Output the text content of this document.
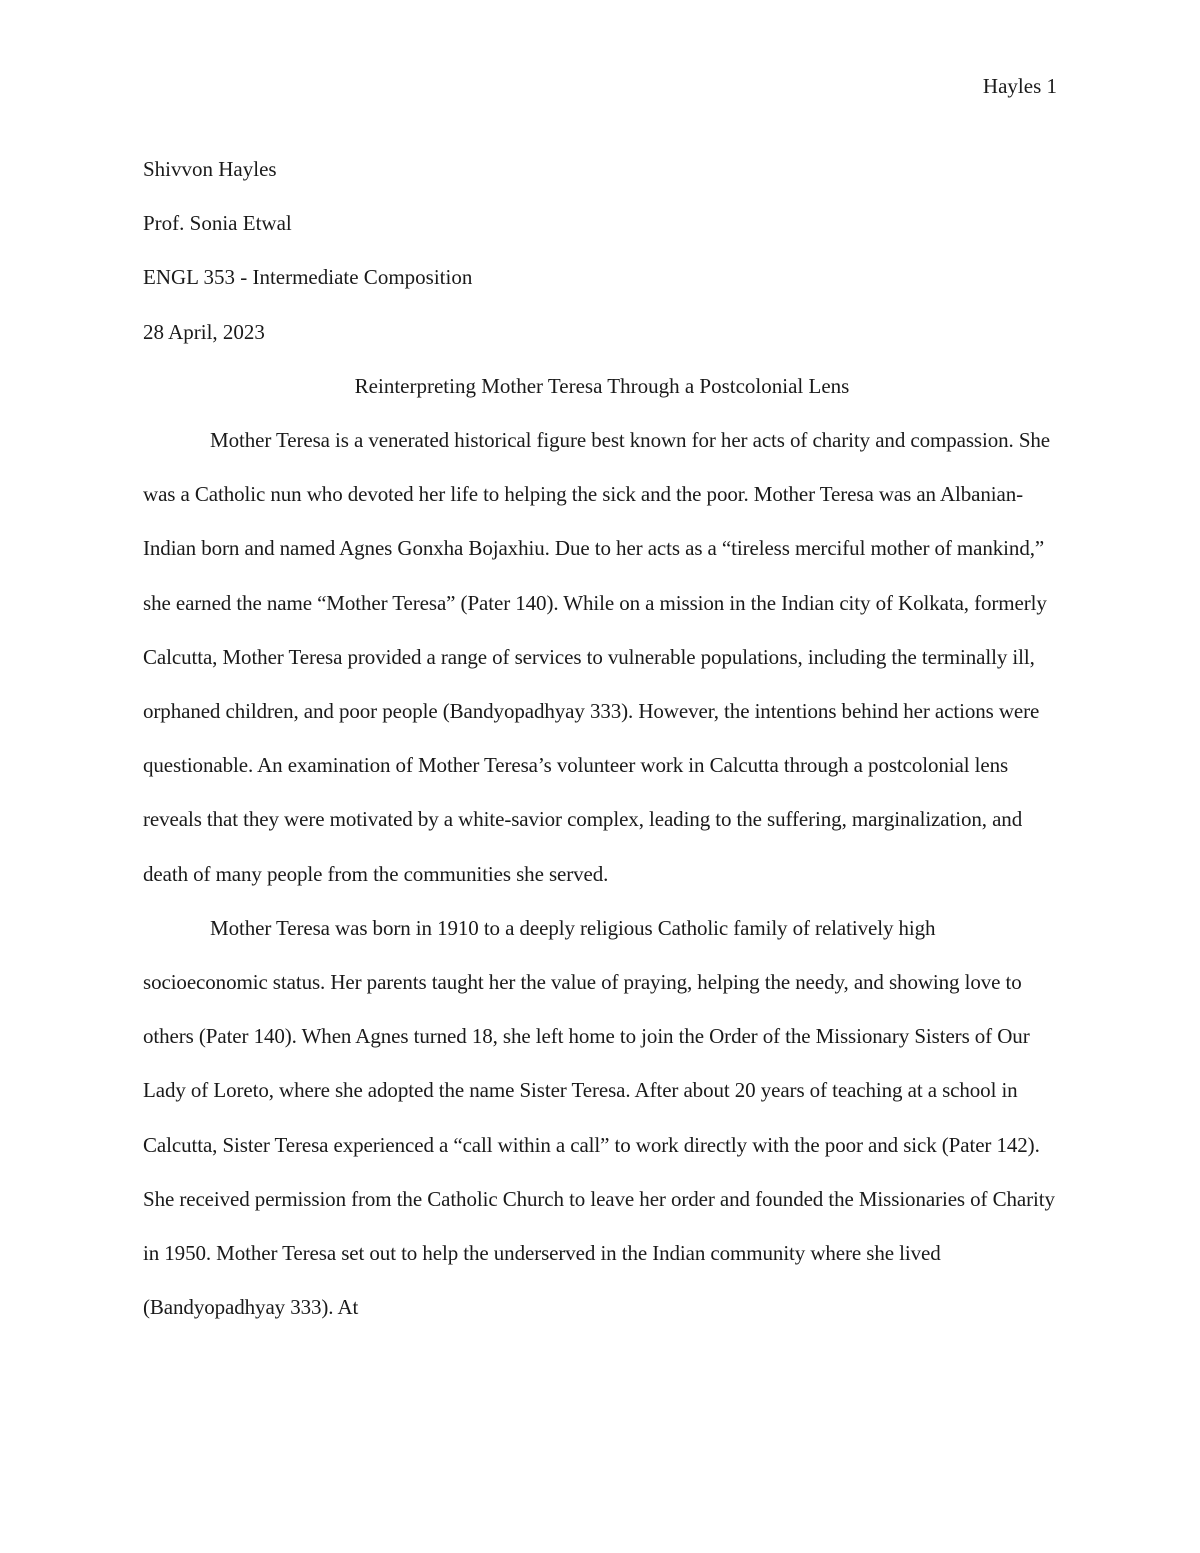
Hayles 1
Shivvon Hayles
Prof. Sonia Etwal
ENGL 353 - Intermediate Composition
28 April, 2023
Reinterpreting Mother Teresa Through a Postcolonial Lens

Mother Teresa is a venerated historical figure best known for her acts of charity and compassion. She was a Catholic nun who devoted her life to helping the sick and the poor. Mother Teresa was an Albanian-Indian born and named Agnes Gonxha Bojaxhiu. Due to her acts as a “tireless merciful mother of mankind,” she earned the name “Mother Teresa” (Pater 140). While on a mission in the Indian city of Kolkata, formerly Calcutta, Mother Teresa provided a range of services to vulnerable populations, including the terminally ill, orphaned children, and poor people (Bandyopadhyay 333). However, the intentions behind her actions were questionable. An examination of Mother Teresa’s volunteer work in Calcutta through a postcolonial lens reveals that they were motivated by a white-savior complex, leading to the suffering, marginalization, and death of many people from the communities she served.

Mother Teresa was born in 1910 to a deeply religious Catholic family of relatively high socioeconomic status. Her parents taught her the value of praying, helping the needy, and showing love to others (Pater 140). When Agnes turned 18, she left home to join the Order of the Missionary Sisters of Our Lady of Loreto, where she adopted the name Sister Teresa. After about 20 years of teaching at a school in Calcutta, Sister Teresa experienced a “call within a call” to work directly with the poor and sick (Pater 142). She received permission from the Catholic Church to leave her order and founded the Missionaries of Charity in 1950. Mother Teresa set out to help the underserved in the Indian community where she lived (Bandyopadhyay 333). At
